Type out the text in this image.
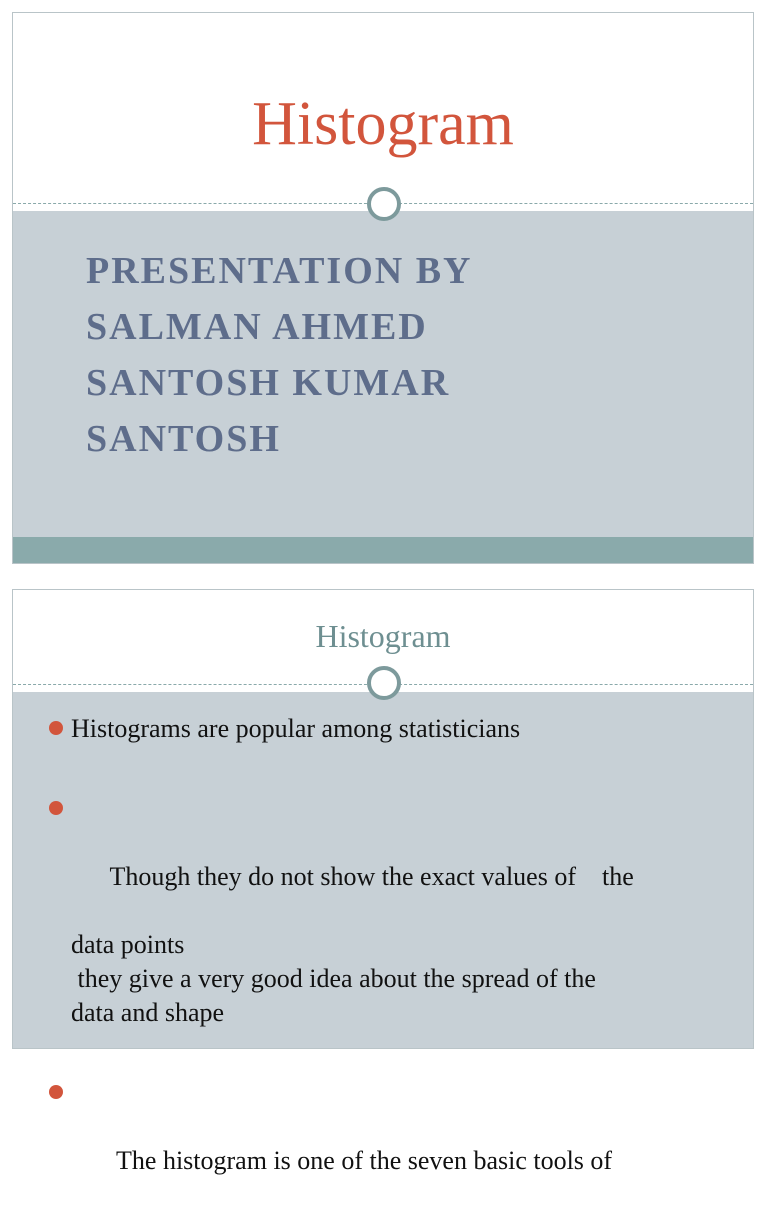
Histogram
PRESENTATION BY
SALMAN AHMED
SANTOSH KUMAR
SANTOSH
Histogram
Histograms are popular among statisticians

Though they do not show the exact values of    the

data points
they give a very good idea about the spread of the
data and shape

The histogram is one of the seven basic tools of
